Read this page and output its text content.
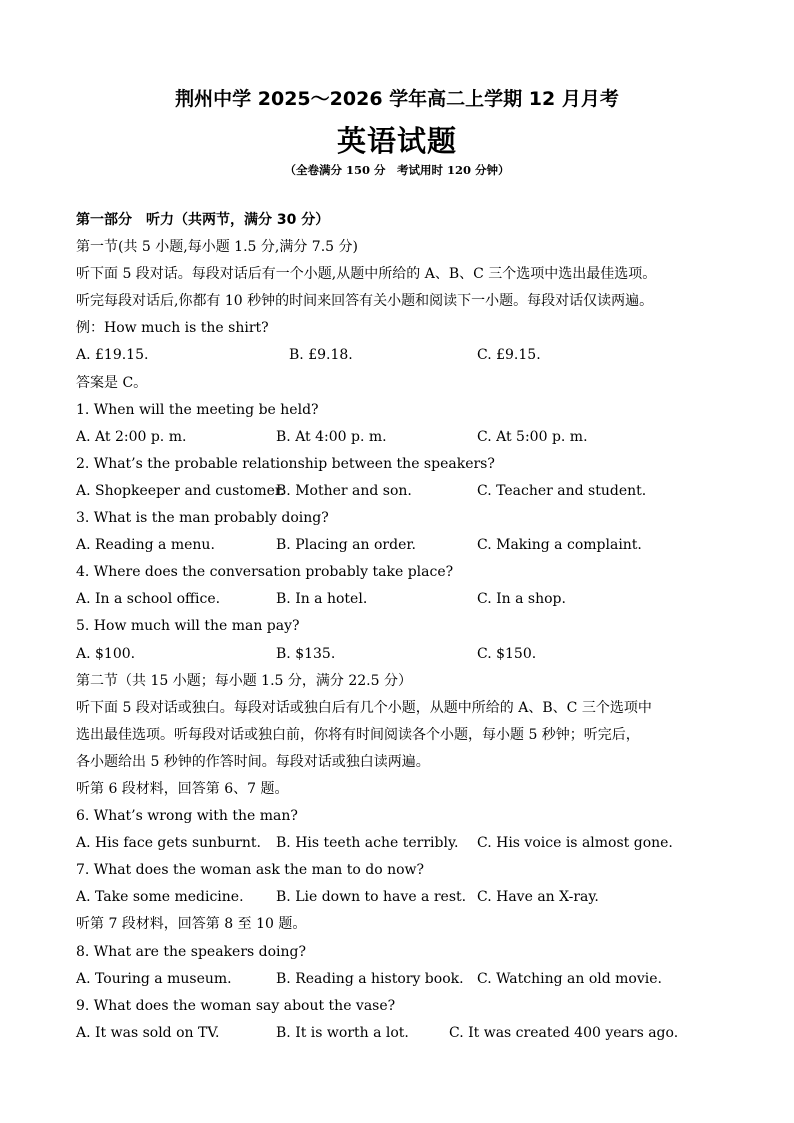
荆州中学 2025～2026 学年高二上学期 12 月月考
英语试题
（全卷满分 150 分　考试用时 120 分钟）
第一部分　听力（共两节，满分 30 分）
第一节(共 5 小题,每小题 1.5 分,满分 7.5 分)
听下面 5 段对话。每段对话后有一个小题,从题中所给的 A、B、C 三个选项中选出最佳选项。
听完每段对话后,你都有 10 秒钟的时间来回答有关小题和阅读下一小题。每段对话仅读两遍。
例：How much is the shirt?
A. £19.15.	B. £9.18.	C. £9.15.
答案是 C。
1. When will the meeting be held?
A. At 2:00 p. m.	B. At 4:00 p. m.	C. At 5:00 p. m.
2. What’s the probable relationship between the speakers?
A. Shopkeeper and customer.
B. Mother and son.	C. Teacher and student.
3. What is the man probably doing?
A. Reading a menu.	B. Placing an order.	C. Making a complaint.
4. Where does the conversation probably take place?
A. In a school office.	B. In a hotel.	C. In a shop.
5. How much will the man pay?
A. $100.	B. $135.	C. $150.
第二节（共 15 小题；每小题 1.5 分，满分 22.5 分）
听下面 5 段对话或独白。每段对话或独白后有几个小题，从题中所给的 A、B、C 三个选项中
选出最佳选项。听每段对话或独白前，你将有时间阅读各个小题，每小题 5 秒钟；听完后，
各小题给出 5 秒钟的作答时间。每段对话或独白读两遍。
听第 6 段材料，回答第 6、7 题。
6. What’s wrong with the man?
A. His face gets sunburnt. B. His teeth ache terribly. C. His voice is almost gone.
7. What does the woman ask the man to do now?
A. Take some medicine. B. Lie down to have a rest. C. Have an X-ray.
听第 7 段材料，回答第 8 至 10 题。
8. What are the speakers doing?
A. Touring a museum.	B. Reading a history book. C. Watching an old movie.
9. What does the woman say about the vase?
A. It was sold on TV.	B. It is worth a lot.	C. It was created 400 years ago.
